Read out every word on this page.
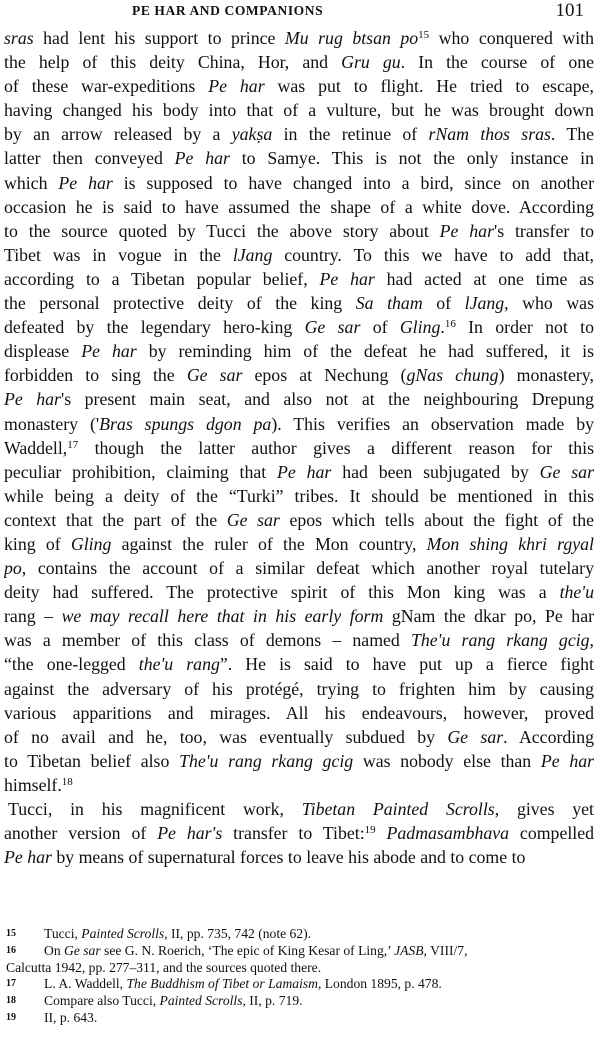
PE HAR AND COMPANIONS	101
sras had lent his support to prince Mu rug btsan $po^{15}$ who conquered with
the help of this deity China, Hor, and Gru gu. In the course of one
of these war-expeditions Pe har was put to flight. He tried to escape,
having changed his body into that of a vulture, but he was brought down
by an arrow released by a yakṣa in the retinue of rNam thos sras. The
latter then conveyed Pe har to Samye. This is not the only instance in
which Pe har is supposed to have changed into a bird, since on another
occasion he is said to have assumed the shape of a white dove. According
to the source quoted by Tucci the above story about Pe har's transfer to
Tibet was in vogue in the lJang country. To this we have to add that,
according to a Tibetan popular belief, Pe har had acted at one time as
the personal protective deity of the king Sa tham of lJang, who was
defeated by the legendary hero-king Ge sar of Gling.$^{16}$ In order not to
displease Pe har by reminding him of the defeat he had suffered, it is
forbidden to sing the Ge sar epos at Nechung (gNas chung) monastery,
Pe har's present main seat, and also not at the neighbouring Drepung
monastery ('Bras spungs dgon pa). This verifies an observation made by
Waddell,$^{17}$ though the latter author gives a different reason for this
peculiar prohibition, claiming that Pe har had been subjugated by Ge sar
while being a deity of the “Turki” tribes. It should be mentioned in this
context that the part of the Ge sar epos which tells about the fight of the
king of Gling against the ruler of the Mon country, Mon shing khri rgyal
po, contains the account of a similar defeat which another royal tutelary
deity had suffered. The protective spirit of this Mon king was a the'u
rang – we may recall here that in his early form gNam the dkar po, Pe har
was a member of this class of demons – named The'u rang rkang gcig,
“the one-legged the'u rang”. He is said to have put up a fierce fight
against the adversary of his protégé, trying to frighten him by causing
various apparitions and mirages. All his endeavours, however, proved
of no avail and he, too, was eventually subdued by Ge sar. According
to Tibetan belief also The'u rang rkang gcig was nobody else than Pe har
himself.$^{18}$
Tucci, in his magnificent work, Tibetan Painted Scrolls, gives yet
another version of Pe har's transfer to Tibet:$^{19}$ Padmasambhava compelled
Pe har by means of supernatural forces to leave his abode and to come to
15	Tucci, Painted Scrolls, II, pp. 735, 742 (note 62).
16	On Ge sar see G. N. Roerich, ‘The epic of King Kesar of Ling,’ JASB, VIII/7,
Calcutta 1942, pp. 277–311, and the sources quoted there.
17	L. A. Waddell, The Buddhism of Tibet or Lamaism, London 1895, p. 478.
18	Compare also Tucci, Painted Scrolls, II, p. 719.
19	II, p. 643.
